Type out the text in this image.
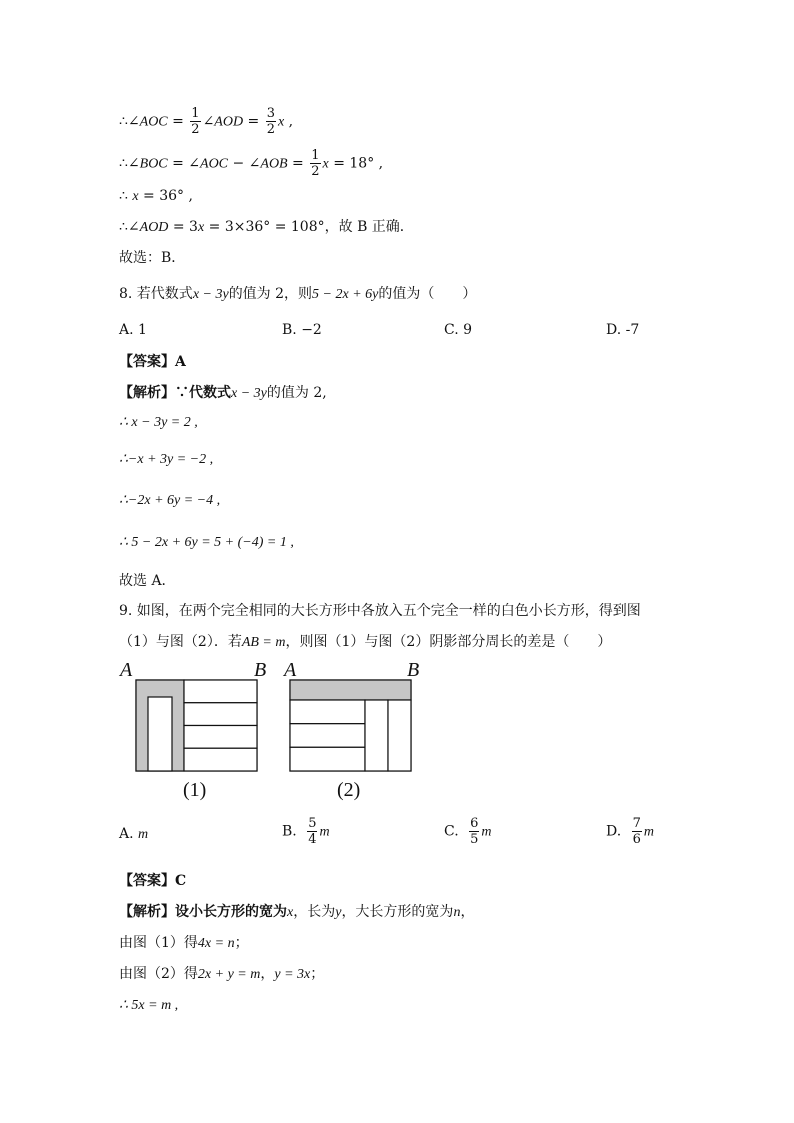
∴∠AOC = $\frac{1}{2}$ ∠AOD = $\frac{3}{2}$ x ,
∴∠BOC = ∠AOC − ∠AOB = $\frac{1}{2}$ x = 18° ,
∴ x = 36° ,
∴∠AOD = 3x = 3×36° = 108°，故 B 正确．
故选：B．
8. 若代数式x − 3y的值为 2，则5 − 2x + 6y的值为（　　）
A. 1	B. −2	C. 9	D. -7
【答案】A
【解析】∵代数式x − 3y的值为 2,
∴ x − 3y = 2 ,
∴−x + 3y = −2 ,
∴−2x + 6y = −4 ,
∴ 5 − 2x + 6y = 5 + (−4) = 1 ,
故选 A．
9. 如图，在两个完全相同的大长方形中各放入五个完全一样的白色小长方形，得到图
（1）与图（2）．若AB = m，则图（1）与图（2）阴影部分周长的差是（　　）
A	B
(1)
A	B
(2)
A. m	B. $\frac{5}{4}$ m	C. $\frac{6}{5}$ m	D. $\frac{7}{6}$ m
【答案】C
【解析】设小长方形的宽为x，长为y，大长方形的宽为n，
由图（1）得4x = n；
由图（2）得2x + y = m，y = 3x；
∴ 5x = m ,
